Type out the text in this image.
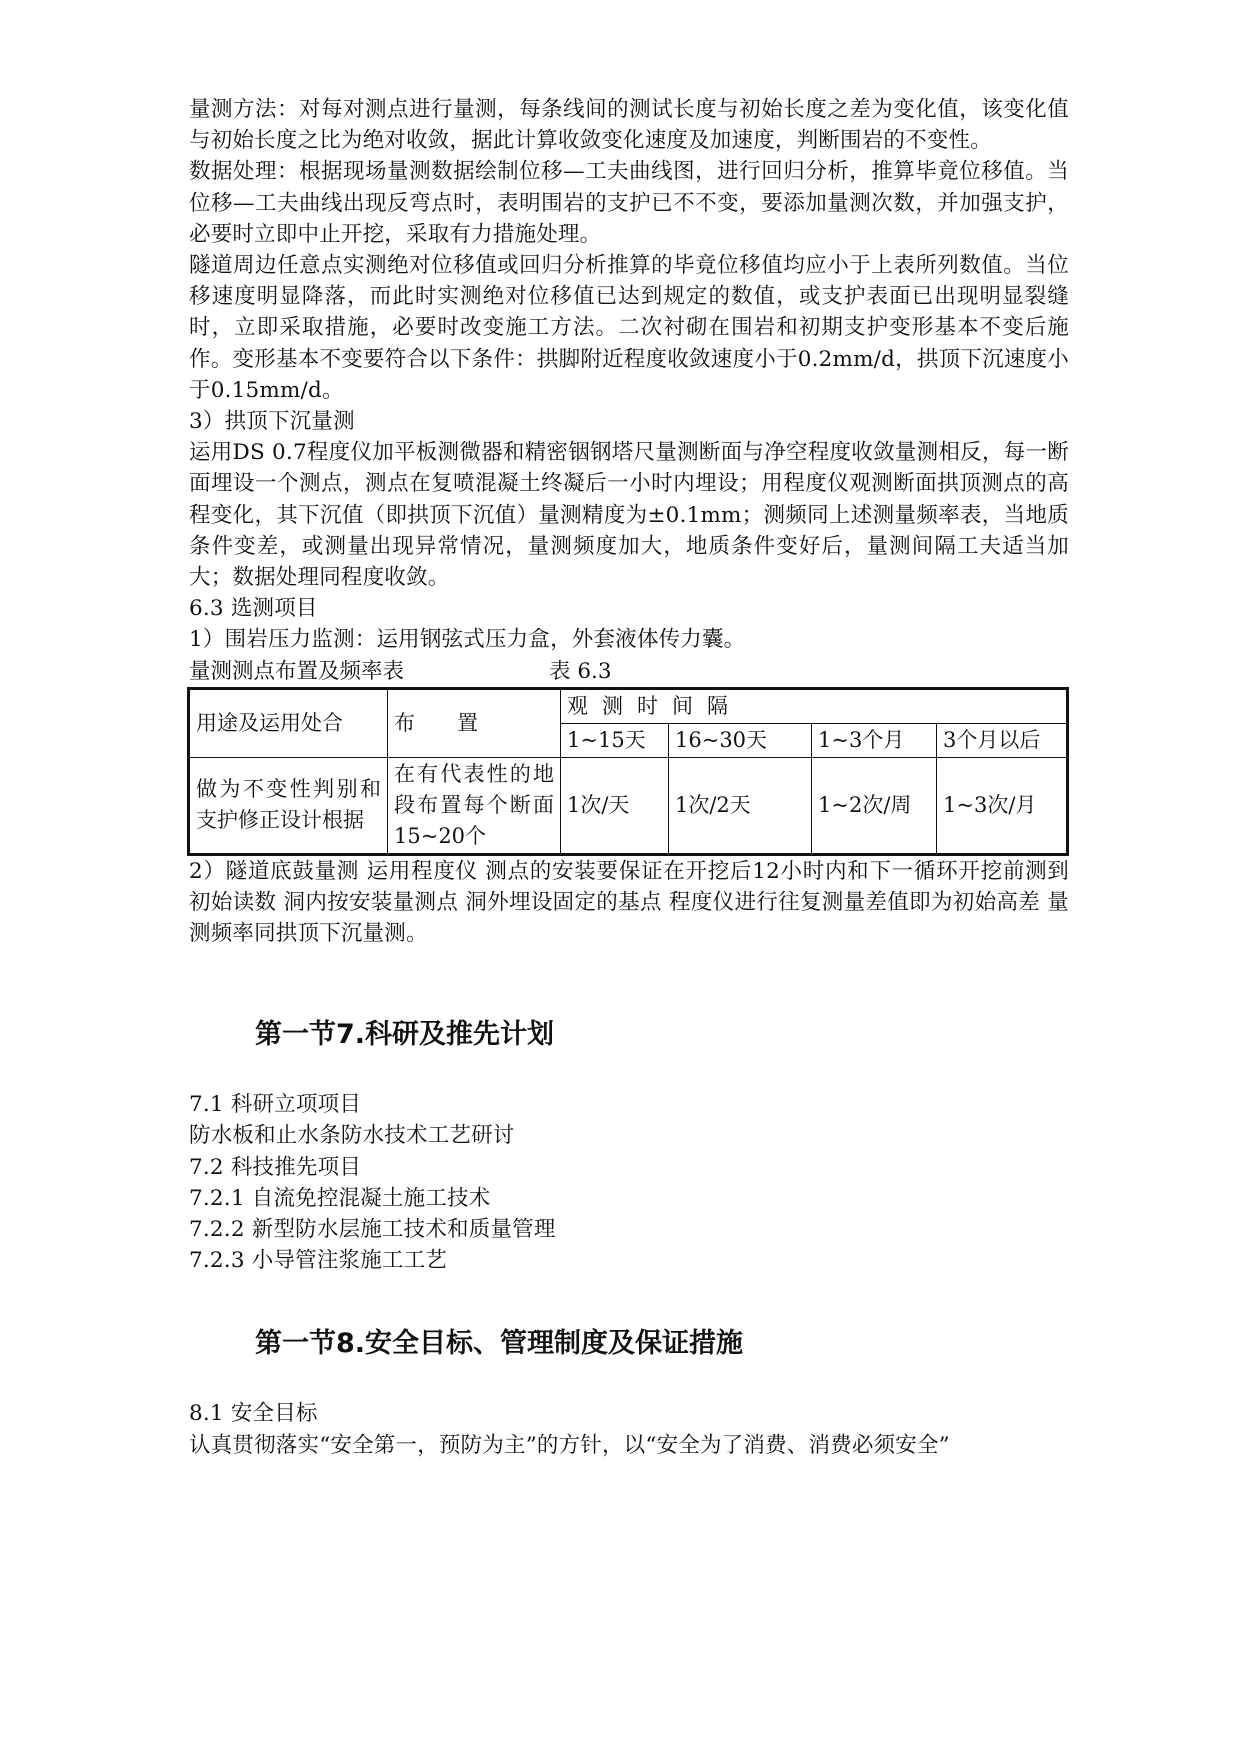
量测方法：对每对测点进行量测，每条线间的测试长度与初始长度之差为变化值，该变化值与初始长度之比为绝对收敛，据此计算收敛变化速度及加速度，判断围岩的不变性。

数据处理：根据现场量测数据绘制位移—工夫曲线图，进行回归分析，推算毕竟位移值。当位移—工夫曲线出现反弯点时，表明围岩的支护已不不变，要添加量测次数，并加强支护，必要时立即中止开挖，采取有力措施处理。

隧道周边任意点实测绝对位移值或回归分析推算的毕竟位移值均应小于上表所列数值。当位移速度明显降落，而此时实测绝对位移值已达到规定的数值，或支护表面已出现明显裂缝时，立即采取措施，必要时改变施工方法。二次衬砌在围岩和初期支护变形基本不变后施作。变形基本不变要符合以下条件：拱脚附近程度收敛速度小于0.2mm/d，拱顶下沉速度小于0.15mm/d。

3）拱顶下沉量测

运用DS 0.7程度仪加平板测微器和精密铟钢塔尺量测断面与净空程度收敛量测相反，每一断面埋设一个测点，测点在复喷混凝土终凝后一小时内埋设；用程度仪观测断面拱顶测点的高程变化，其下沉值（即拱顶下沉值）量测精度为±0.1mm；测频同上述测量频率表，当地质条件变差，或测量出现异常情况，量测频度加大，地质条件变好后，量测间隔工夫适当加大；数据处理同程度收敛。

6.3 选测项目

1）围岩压力监测：运用钢弦式压力盒，外套液体传力囊。

量测测点布置及频率表	表 6.3
用途及运用处合	布　　置	观测时间隔			
		1~15天	16~30天	1~3个月	3个月以后
做为不变性判别和支护修正设计根据	在有代表性的地段布置每个断面15~20个	1次/天	1次/2天	1~2次/周	1~3次/月

2）隧道底鼓量测 运用程度仪 测点的安装要保证在开挖后12小时内和下一循环开挖前测到初始读数 洞内按安装量测点 洞外埋设固定的基点 程度仪进行往复测量差值即为初始高差 量测频率同拱顶下沉量测。

第一节7.科研及推先计划

7.1 科研立项项目

防水板和止水条防水技术工艺研讨

7.2 科技推先项目

7.2.1 自流免控混凝土施工技术

7.2.2 新型防水层施工技术和质量管理

7.2.3 小导管注浆施工工艺

第一节8.安全目标、管理制度及保证措施

8.1 安全目标

认真贯彻落实“安全第一，预防为主”的方针，以“安全为了消费、消费必须安全”
